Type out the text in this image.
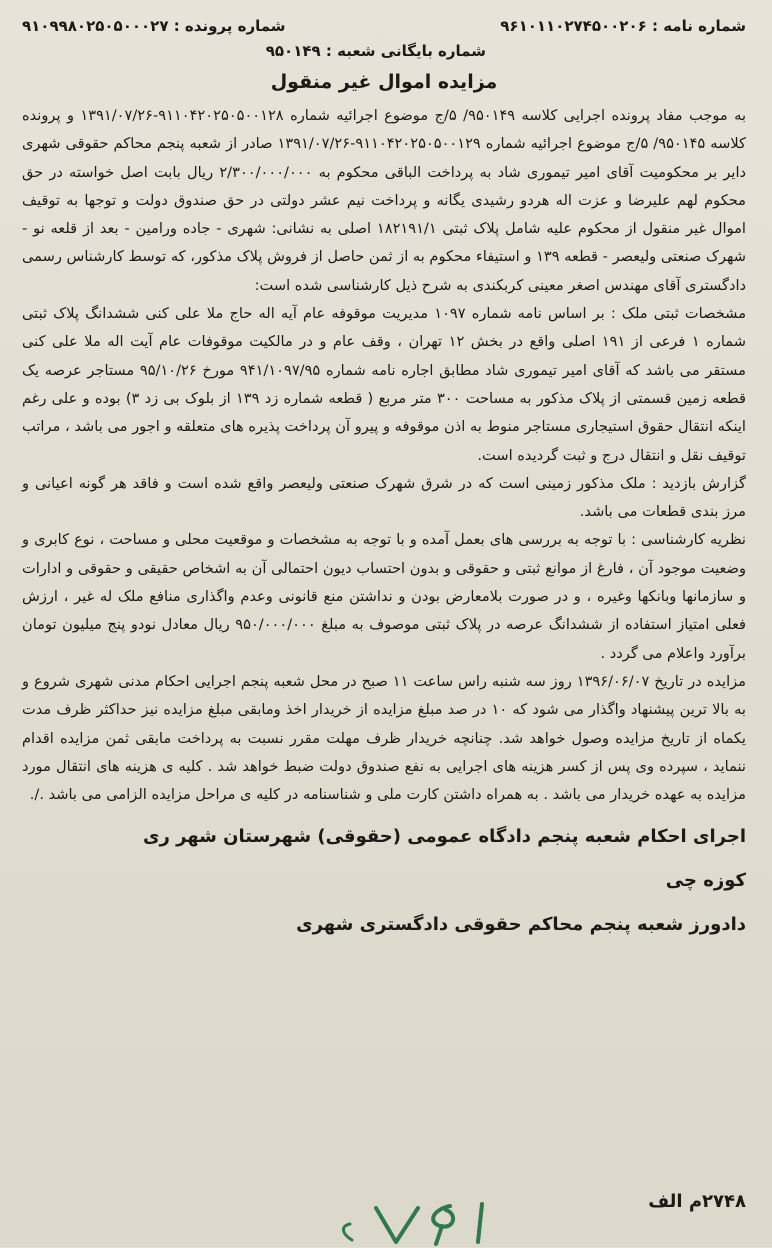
شماره نامه : ۹۶۱۰۱۱۰۲۷۴۵۰۰۲۰۶
شماره پرونده : ۹۱۰۹۹۸۰۲۵۰۵۰۰۰۲۷
شماره بایگانی شعبه : ۹۵۰۱۴۹
مزایده اموال غیر منقول

به موجب مفاد پرونده اجرایی کلاسه ۹۵۰۱۴۹/ ۵/ج موضوع اجرائیه شماره ۹۱۱۰۴۲۰۲۵۰۵۰۰۱۲۸-۱۳۹۱/۰۷/۲۶ و پرونده کلاسه ۹۵۰۱۴۵/ ۵/ج موضوع اجرائیه شماره ۹۱۱۰۴۲۰۲۵۰۵۰۰۱۲۹-۱۳۹۱/۰۷/۲۶ صادر از شعبه پنجم محاکم حقوقی شهری دایر بر محکومیت آقای امیر تیموری شاد به پرداخت الباقی محکوم به ۲/۳۰۰/۰۰۰/۰۰۰ ریال بابت اصل خواسته در حق محکوم لهم علیرضا و عزت اله هردو رشیدی یگانه و پرداخت نیم عشر دولتی در حق صندوق دولت و توجها به توقیف اموال غیر منقول از محکوم علیه شامل پلاک ثبتی ۱۸۲۱۹۱/۱ اصلی به نشانی: شهری - جاده ورامین - بعد از قلعه نو - شهرک صنعتی ولیعصر - قطعه ۱۳۹ و استیفاء محکوم به از ثمن حاصل از فروش پلاک مذکور، که توسط کارشناس رسمی دادگستری آقای مهندس اصغر معینی کربکندی به شرح ذیل کارشناسی شده است:

مشخصات ثبتی ملک : بر اساس نامه شماره ۱۰۹۷ مدیریت موقوفه عام آیه اله حاج ملا علی کنی ششدانگ پلاک ثبتی شماره ۱ فرعی از ۱۹۱ اصلی واقع در بخش ۱۲ تهران ، وقف عام و در مالکیت موقوفات عام آیت اله ملا علی کنی مستقر می باشد که آقای امیر تیموری شاد مطابق اجاره نامه شماره ۹۴۱/۱۰۹۷/۹۵ مورخ ۹۵/۱۰/۲۶ مستاجر عرصه یک قطعه زمین قسمتی از پلاک مذکور به مساحت ۳۰۰ متر مربع ( قطعه شماره زد ۱۳۹ از بلوک بی زد ۳) بوده و علی رغم اینکه انتقال حقوق استیجاری مستاجر منوط به اذن موقوفه و پیرو آن پرداخت پذیره های متعلقه و اجور می باشد ، مراتب توقیف نقل و انتقال درج و ثبت گردیده است.

گزارش بازدید : ملک مذکور زمینی است که در شرق شهرک صنعتی ولیعصر واقع شده است و فاقد هر گونه اعیانی و مرز بندی قطعات می باشد.

نظریه کارشناسی : با توجه به بررسی های بعمل آمده و با توجه به مشخصات و موقعیت محلی و مساحت ، نوع کابری و وضعیت موجود آن ، فارغ از موانع ثبتی و حقوقی و بدون احتساب دیون احتمالی آن به اشخاص حقیقی و حقوقی و ادارات و سازمانها وبانکها وغیره ، و در صورت بلامعارض بودن و نداشتن منع قانونی وعدم واگذاری منافع ملک له غیر ، ارزش فعلی امتیاز استفاده از ششدانگ عرصه در پلاک ثبتی موصوف به مبلغ ۹۵۰/۰۰۰/۰۰۰ ریال معادل نودو پنج میلیون تومان برآورد واعلام می گردد .

مزایده در تاریخ ۱۳۹۶/۰۶/۰۷ روز سه شنبه راس ساعت ۱۱ صبح در محل شعبه پنجم اجرایی احکام مدنی شهری شروع و به بالا ترین پیشنهاد واگذار می شود که ۱۰ در صد مبلغ مزایده از خریدار اخذ ومابقی مبلغ مزایده نیز حداکثر ظرف مدت یکماه از تاریخ مزایده وصول خواهد شد. چنانچه خریدار ظرف مهلت مقرر نسبت به پرداخت مابقی ثمن مزایده اقدام ننماید ، سپرده وی پس از کسر هزینه های اجرایی به نفع صندوق دولت ضبط خواهد شد . کلیه ی هزینه های انتقال مورد مزایده به عهده خریدار می باشد . به همراه داشتن کارت ملی و شناسنامه در کلیه ی مراحل مزایده الزامی می باشد ./.

اجرای احکام شعبه پنجم دادگاه عمومی (حقوقی) شهرستان شهر ری

کوزه چی

دادورز شعبه پنجم محاکم حقوقی دادگستری شهری

۲۷۴۸م الف
